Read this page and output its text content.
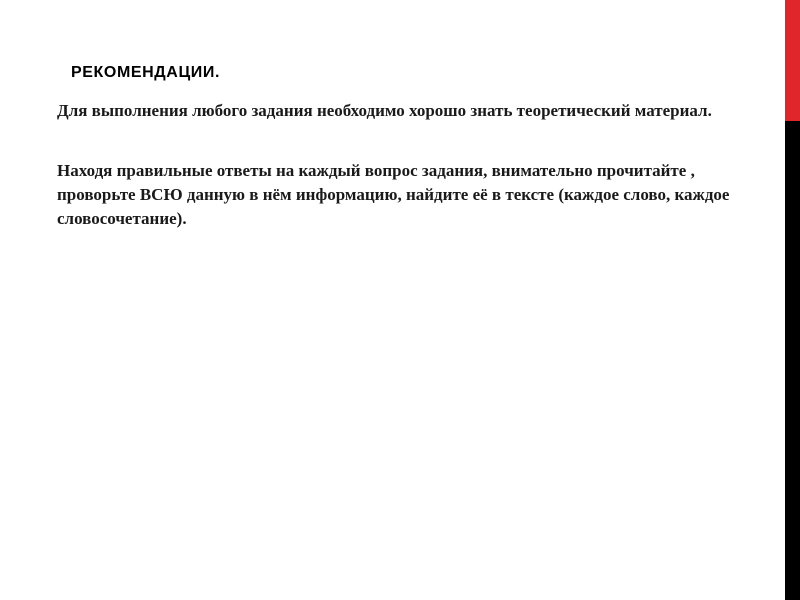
РЕКОМЕНДАЦИИ.

Для выполнения любого задания необходимо хорошо знать теоретический материал.

Находя правильные ответы на каждый вопрос задания, внимательно прочитайте , проворьте ВСЮ данную в нём информацию, найдите её в тексте (каждое слово, каждое словосочетание).
